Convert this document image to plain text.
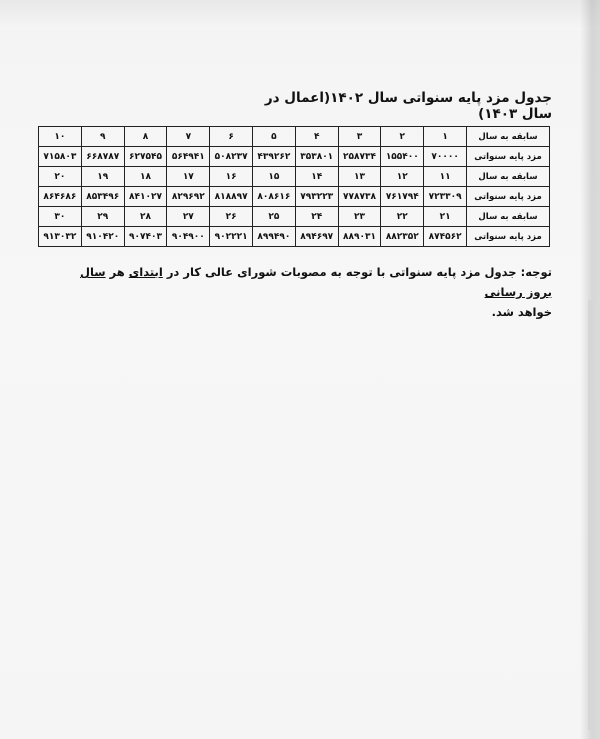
جدول مزد پایه سنواتی سال ۱۴۰۲(اعمال در سال ۱۴۰۳)
سابقه به سال	۱	۲	۳	۴	۵	۶	۷	۸	۹	۱۰
مزد پایه سنواتی	۷۰۰۰۰	۱۵۵۴۰۰	۲۵۸۷۳۴	۳۵۳۸۰۱	۴۳۹۲۶۲	۵۰۸۲۳۷	۵۶۴۹۴۱	۶۲۷۵۴۵	۶۶۸۷۸۷	۷۱۵۸۰۳
سابقه به سال	۱۱	۱۲	۱۳	۱۴	۱۵	۱۶	۱۷	۱۸	۱۹	۲۰
مزد پایه سنواتی	۷۲۳۳۰۹	۷۶۱۷۹۴	۷۷۸۷۳۸	۷۹۳۲۲۳	۸۰۸۶۱۶	۸۱۸۸۹۷	۸۲۹۶۹۲	۸۴۱۰۲۷	۸۵۳۴۹۶	۸۶۴۶۸۶
سابقه به سال	۲۱	۲۲	۲۳	۲۴	۲۵	۲۶	۲۷	۲۸	۲۹	۳۰
مزد پایه سنواتی	۸۷۴۵۶۲	۸۸۲۳۵۲	۸۸۹۰۳۱	۸۹۴۶۹۷	۸۹۹۴۹۰	۹۰۲۲۲۱	۹۰۴۹۰۰	۹۰۷۴۰۳	۹۱۰۴۲۰	۹۱۳۰۳۲
توجه: جدول مزد پایه سنواتی با توجه به مصوبات شورای عالی کار در ابتدای هر سال بروز رسانی
خواهد شد.
